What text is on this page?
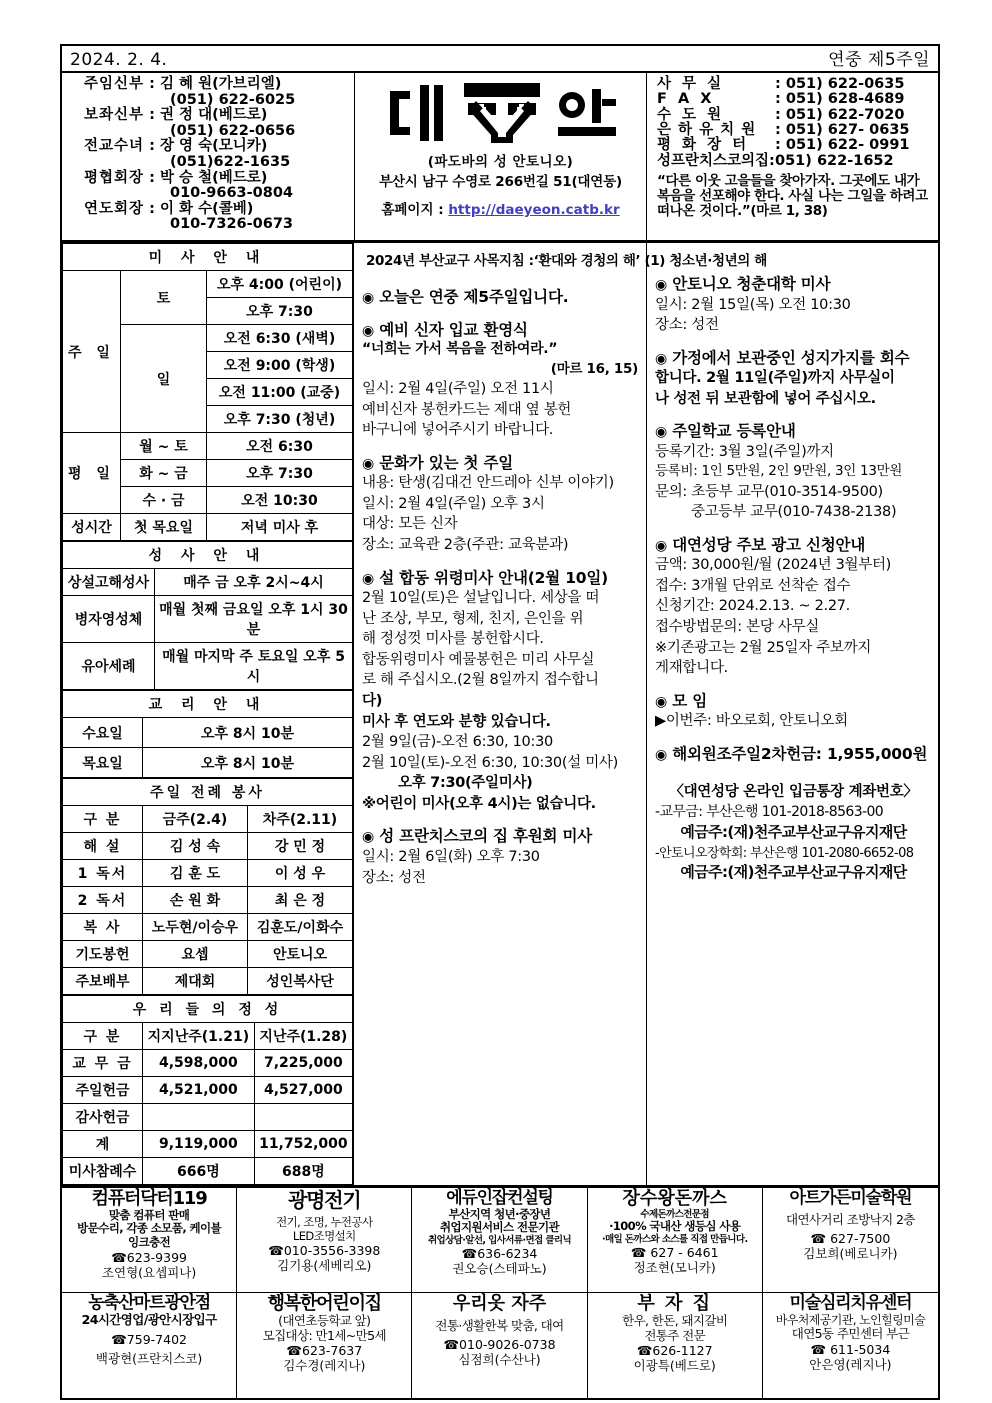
2024. 2. 4.	연중 제5주일
주임신부 : 김 혜 원(가브리엘)
(051) 622-6025
보좌신부 : 권 정 대(베드로)
(051) 622-0656
전교수녀 : 장 영 숙(모니카)
(051)622-1635
평협회장 : 박 승 철(베드로)
010-9663-0804
연도회장 : 이 화 수(콜베)
010-7326-0673
(파도바의 성 안토니오)
부산시 남구 수영로 266번길 51(대연동)
홈페이지 : http://daeyeon.catb.kr
사 무 실	: 051) 622-0635
F A X	: 051) 628-4689
수 도 원	: 051) 622-7020
은 하 유 치 원 : 051) 627- 0635
평 화 장 터 : 051) 622- 0991
성프란치스코의집:051) 622-1652
“다른 이웃 고을들을 찾아가자. 그곳에도 내가 복음을 선포해야 한다. 사실 나는 그일을 하려고 떠나온 것이다.”(마르 1, 38)
미 사 안 내		
주 일	토	오후 4:00 (어린이)
		오후 7:30
	일	오전 6:30 (새벽)
		오전 9:00 (학생)
		오전 11:00 (교중)
		오후 7:30 (청년)
평 일	월 ~ 토	오전 6:30
	화 ~ 금	오후 7:30
	수 · 금	오전 10:30
성시간	첫 목요일	저녁 미사 후
성 사 안 내	
상설고해성사	매주 금 오후 2시~4시
병자영성체	매월 첫째 금요일 오후 1시 30분
유아세례	매월 마지막 주 토요일 오후 5시
교 리 안 내	
수요일	오후 8시 10분
목요일	오후 8시 10분
주일 전례 봉사		
구 분	금주(2.4)	차주(2.11)
해 설	김 성 속	강 민 정
1 독서	김 훈 도	이 성 우
2 독서	손 원 화	최 은 정
복 사	노두현/이승우	김훈도/이화수
기도봉헌	요셉	안토니오
주보배부	제대회	성인복사단
우 리 들 의 정 성		
구 분	지지난주(1.21)	지난주(1.28)
교 무 금	4,598,000	7,225,000
주일헌금	4,521,000	4,527,000
감사헌금		
계	9,119,000	11,752,000
미사참례수	666명	688명
2024년 부산교구 사목지침 :‘환대와 경청의 해’ (1) 청소년·청년의 해
◉ 오늘은 연중 제5주일입니다.
◉ 예비 신자 입교 환영식
“너희는 가서 복음을 전하여라.”
(마르 16, 15)
일시: 2월 4일(주일) 오전 11시
예비신자 봉헌카드는 제대 옆 봉헌
바구니에 넣어주시기 바랍니다.
◉ 문화가 있는 첫 주일
내용: 탄생(김대건 안드레아 신부 이야기)
일시: 2월 4일(주일) 오후 3시
대상: 모든 신자
장소: 교육관 2층(주관: 교육분과)
◉ 설 합동 위령미사 안내(2월 10일)
2월 10일(토)은 설날입니다. 세상을 떠
난 조상, 부모, 형제, 친지, 은인을 위
해 정성껏 미사를 봉헌합시다.
합동위령미사 예물봉헌은 미리 사무실
로 해 주십시오.(2월 8일까지 접수합니
다)
미사 후 연도와 분향 있습니다.
2월 9일(금)-오전 6:30, 10:30
2월 10일(토)-오전 6:30, 10:30(설 미사)
오후 7:30(주일미사)
※어린이 미사(오후 4시)는 없습니다.
◉ 성 프란치스코의 집 후원회 미사
일시: 2월 6일(화) 오후 7:30
장소: 성전
◉ 안토니오 청춘대학 미사
일시: 2월 15일(목) 오전 10:30
장소: 성전
◉ 가정에서 보관중인 성지가지를 회수
합니다. 2월 11일(주일)까지 사무실이
나 성전 뒤 보관함에 넣어 주십시오.
◉ 주일학교 등록안내
등록기간: 3월 3일(주일)까지
등록비: 1인 5만원, 2인 9만원, 3인 13만원
문의: 초등부 교무(010-3514-9500)
중고등부 교무(010-7438-2138)
◉ 대연성당 주보 광고 신청안내
금액: 30,000원/월 (2024년 3월부터)
접수: 3개월 단위로 선착순 접수
신청기간: 2024.2.13. ~ 2.27.
접수방법문의: 본당 사무실
※기존광고는 2월 25일자 주보까지
게재합니다.
◉ 모 임
▶이번주: 바오로회, 안토니오회
◉ 해외원조주일2차헌금: 1,955,000원
〈대연성당 온라인 입금통장 계좌번호〉
-교무금: 부산은행 101-2018-8563-00
예금주:(재)천주교부산교구유지재단
-안토니오장학회: 부산은행 101-2080-6652-08
예금주:(재)천주교부산교구유지재단
컴퓨터닥터119
맞춤 컴퓨터 판매
방문수리, 각종 소모품, 케이블
잉크충전
☎623-9399
조연형(요셉피나)
광명전기
전기, 조명, 누전공사
LED조명설치
☎010-3556-3398
김기용(세베리오)
에듀인잡컨설팅
부산지역 청년·중장년
취업지원서비스 전문기관
취업상담·알선, 입사서류·면접 클리닉
☎636-6234
권오승(스테파노)
장수왕돈까스
수제돈까스전문점
·100% 국내산 생등심 사용
·매일 돈까스와 소스를 직접 만듭니다.
☎ 627 - 6461
정조현(모니카)
아트가든미술학원
대연사거리 조방낙지 2층
☎ 627-7500
김보희(베로니카)
농축산마트광안점
24시간영업/광안시장입구
☎759-7402
백광현(프란치스코)
행복한어린이집
(대연초등학교 앞)
모집대상: 만1세~만5세
☎623-7637
김수경(레지나)
우리옷 자주
전통·생활한복 맞춤, 대여
☎010-9026-0738
심점희(수산나)
부 자 집
한우, 한돈, 돼지갈비
전통주 전문
☎626-1127
이광특(베드로)
미술심리치유센터
바우처제공기관, 노인힐링미술
대연5동 주민센터 부근
☎ 611-5034
안은영(레지나)
